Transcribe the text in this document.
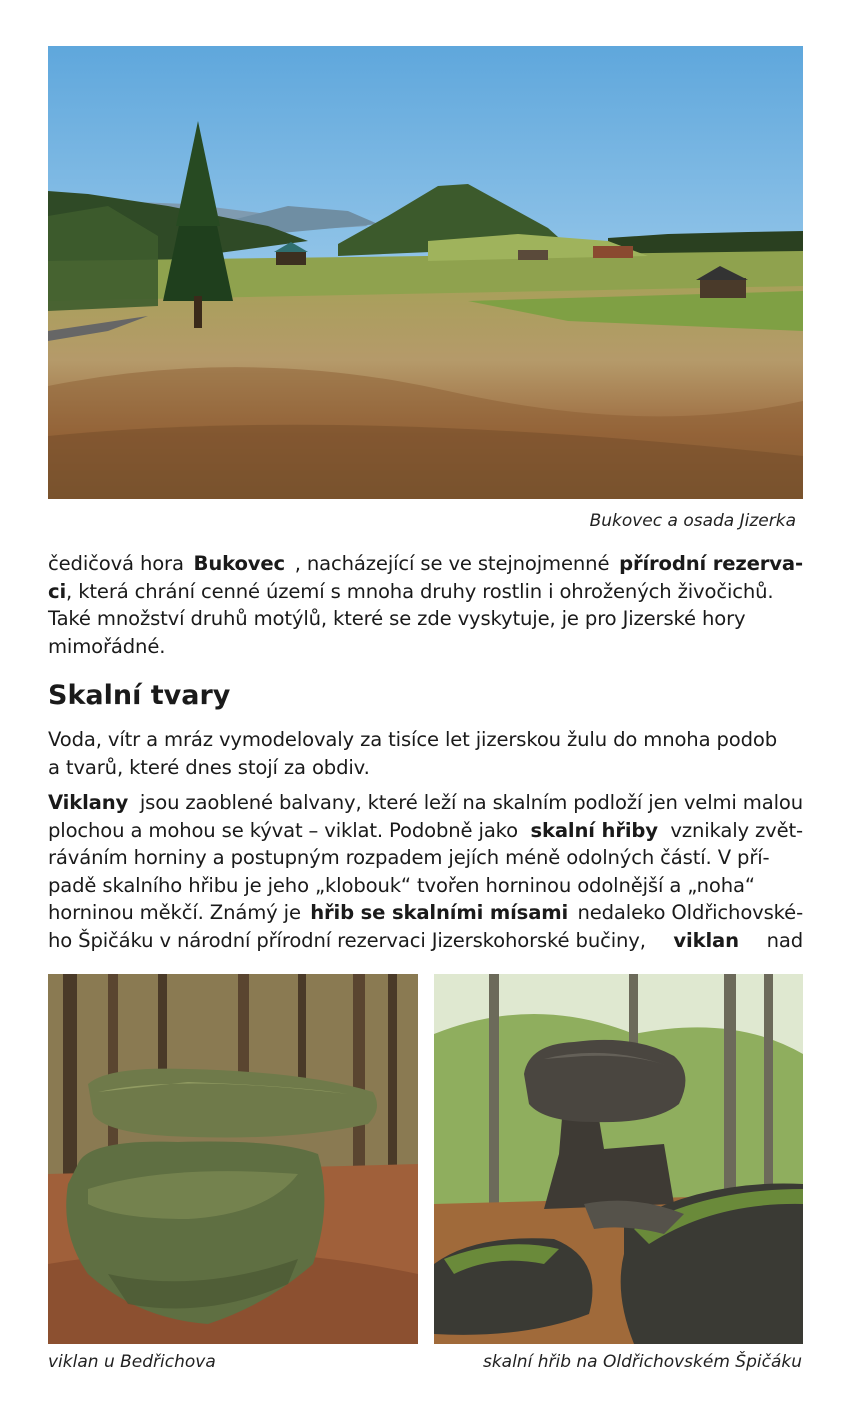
Bukovec a osada Jizerka
čedičová hora Bukovec , nacházející se ve stejnojmenné přírodní rezerva-
ci, která chrání cenné území s mnoha druhy rostlin i ohrožených živočichů.
Také množství druhů motýlů, které se zde vyskytuje, je pro Jizerské hory
mimořádné.
Skalní tvary
Voda, vítr a mráz vymodelovaly za tisíce let jizerskou žulu do mnoha podob
a tvarů, které dnes stojí za obdiv.
Viklany jsou zaoblené balvany, které leží na skalním podloží jen velmi malou
plochou a mohou se kývat – viklat. Podobně jako skalní hřiby vznikaly zvět-
ráváním horniny a postupným rozpadem jejích méně odolných částí. V pří-
padě skalního hřibu je jeho „klobouk“ tvořen horninou odolnější a „noha“
horninou měkčí. Známý je hřib se skalními mísami nedaleko Oldřichovské-
ho Špičáku v národní přírodní rezervaci Jizerskohorské bučiny, viklan nad
viklan u Bedřichova	skalní hřib na Oldřichovském Špičáku
